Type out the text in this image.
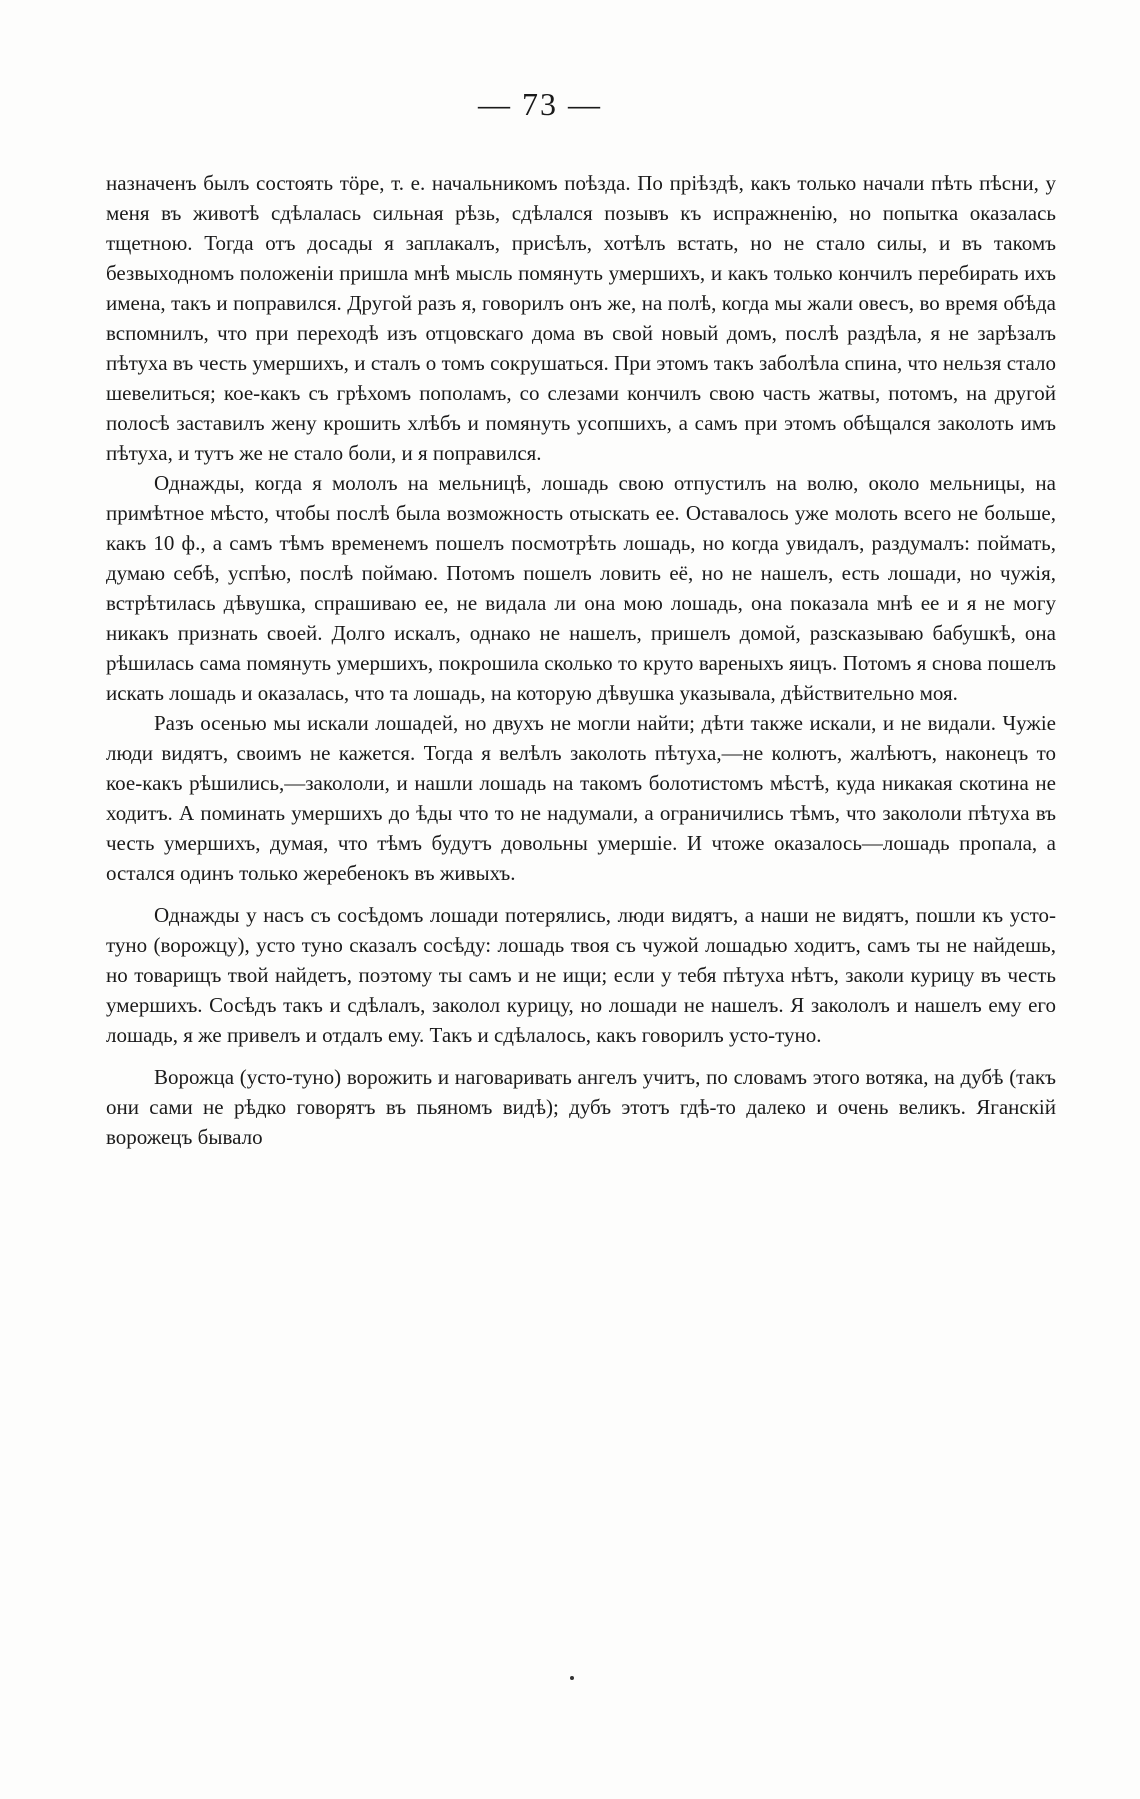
— 73 —

назначенъ былъ состоять тӧре, т. е. начальникомъ поѣзда. По пріѣздѣ, какъ только начали пѣть пѣсни, у меня въ животѣ сдѣлалась сильная рѣзь, сдѣлался позывъ къ испражненію, но попытка оказалась тщетною. Тогда отъ досады я заплакалъ, присѣлъ, хотѣлъ встать, но не стало силы, и въ такомъ безвыходномъ положеніи пришла мнѣ мысль помянуть умершихъ, и какъ только кончилъ перебирать ихъ имена, такъ и поправился. Другой разъ я, говорилъ онъ же, на полѣ, когда мы жали овесъ, во время обѣда вспомнилъ, что при переходѣ изъ отцовскаго дома въ свой новый домъ, послѣ раздѣла, я не зарѣзалъ пѣтуха въ честь умершихъ, и сталъ о томъ сокрушаться. При этомъ такъ заболѣла спина, что нельзя стало шевелиться; кое-какъ съ грѣхомъ пополамъ, со слезами кончилъ свою часть жатвы, потомъ, на другой полосѣ заставилъ жену крошить хлѣбъ и помянуть усопшихъ, а самъ при этомъ обѣщался заколоть имъ пѣтуха, и тутъ же не стало боли, и я поправился.

Однажды, когда я мололъ на мельницѣ, лошадь свою отпустилъ на волю, около мельницы, на примѣтное мѣсто, чтобы послѣ была возможность отыскать ее. Оставалось уже молоть всего не больше, какъ 10 ф., а самъ тѣмъ временемъ пошелъ посмотрѣть лошадь, но когда увидалъ, раздумалъ: поймать, думаю себѣ, успѣю, послѣ поймаю. Потомъ пошелъ ловить её, но не нашелъ, есть лошади, но чужія, встрѣтилась дѣвушка, спрашиваю ее, не видала ли она мою лошадь, она показала мнѣ ее и я не могу никакъ признать своей. Долго искалъ, однако не нашелъ, пришелъ домой, разсказываю бабушкѣ, она рѣшилась сама помянуть умершихъ, покрошила сколько то круто вареныхъ яицъ. Потомъ я снова пошелъ искать лошадь и оказалась, что та лошадь, на которую дѣвушка указывала, дѣйствительно моя.

Разъ осенью мы искали лошадей, но двухъ не могли найти; дѣти также искали, и не видали. Чужіе люди видятъ, своимъ не кажется. Тогда я велѣлъ заколоть пѣтуха,—не колютъ, жалѣютъ, наконецъ то кое-какъ рѣшились,—закололи, и нашли лошадь на такомъ болотистомъ мѣстѣ, куда никакая скотина не ходитъ. А поминать умершихъ до ѣды что то не надумали, а ограничились тѣмъ, что закололи пѣтуха въ честь умершихъ, думая, что тѣмъ будутъ довольны умершіе. И чтоже оказалось—лошадь пропала, а остался одинъ только жеребенокъ въ живыхъ.

Однажды у насъ съ сосѣдомъ лошади потерялись, люди видятъ, а наши не видятъ, пошли къ усто-туно (ворожцу), усто туно сказалъ сосѣду: лошадь твоя съ чужой лошадью ходитъ, самъ ты не найдешь, но товарищъ твой найдетъ, поэтому ты самъ и не ищи; если у тебя пѣтуха нѣтъ, заколи курицу въ честь умершихъ. Сосѣдъ такъ и сдѣлалъ, заколол курицу, но лошади не нашелъ. Я закололъ и нашелъ ему его лошадь, я же привелъ и отдалъ ему. Такъ и сдѣлалось, какъ говорилъ усто-туно.

Ворожца (усто-туно) ворожить и наговаривать ангелъ учитъ, по словамъ этого вотяка, на дубѣ (такъ они сами не рѣдко говорятъ въ пьяномъ видѣ); дубъ этотъ гдѣ-то далеко и очень великъ. Яганскій ворожецъ бывало
